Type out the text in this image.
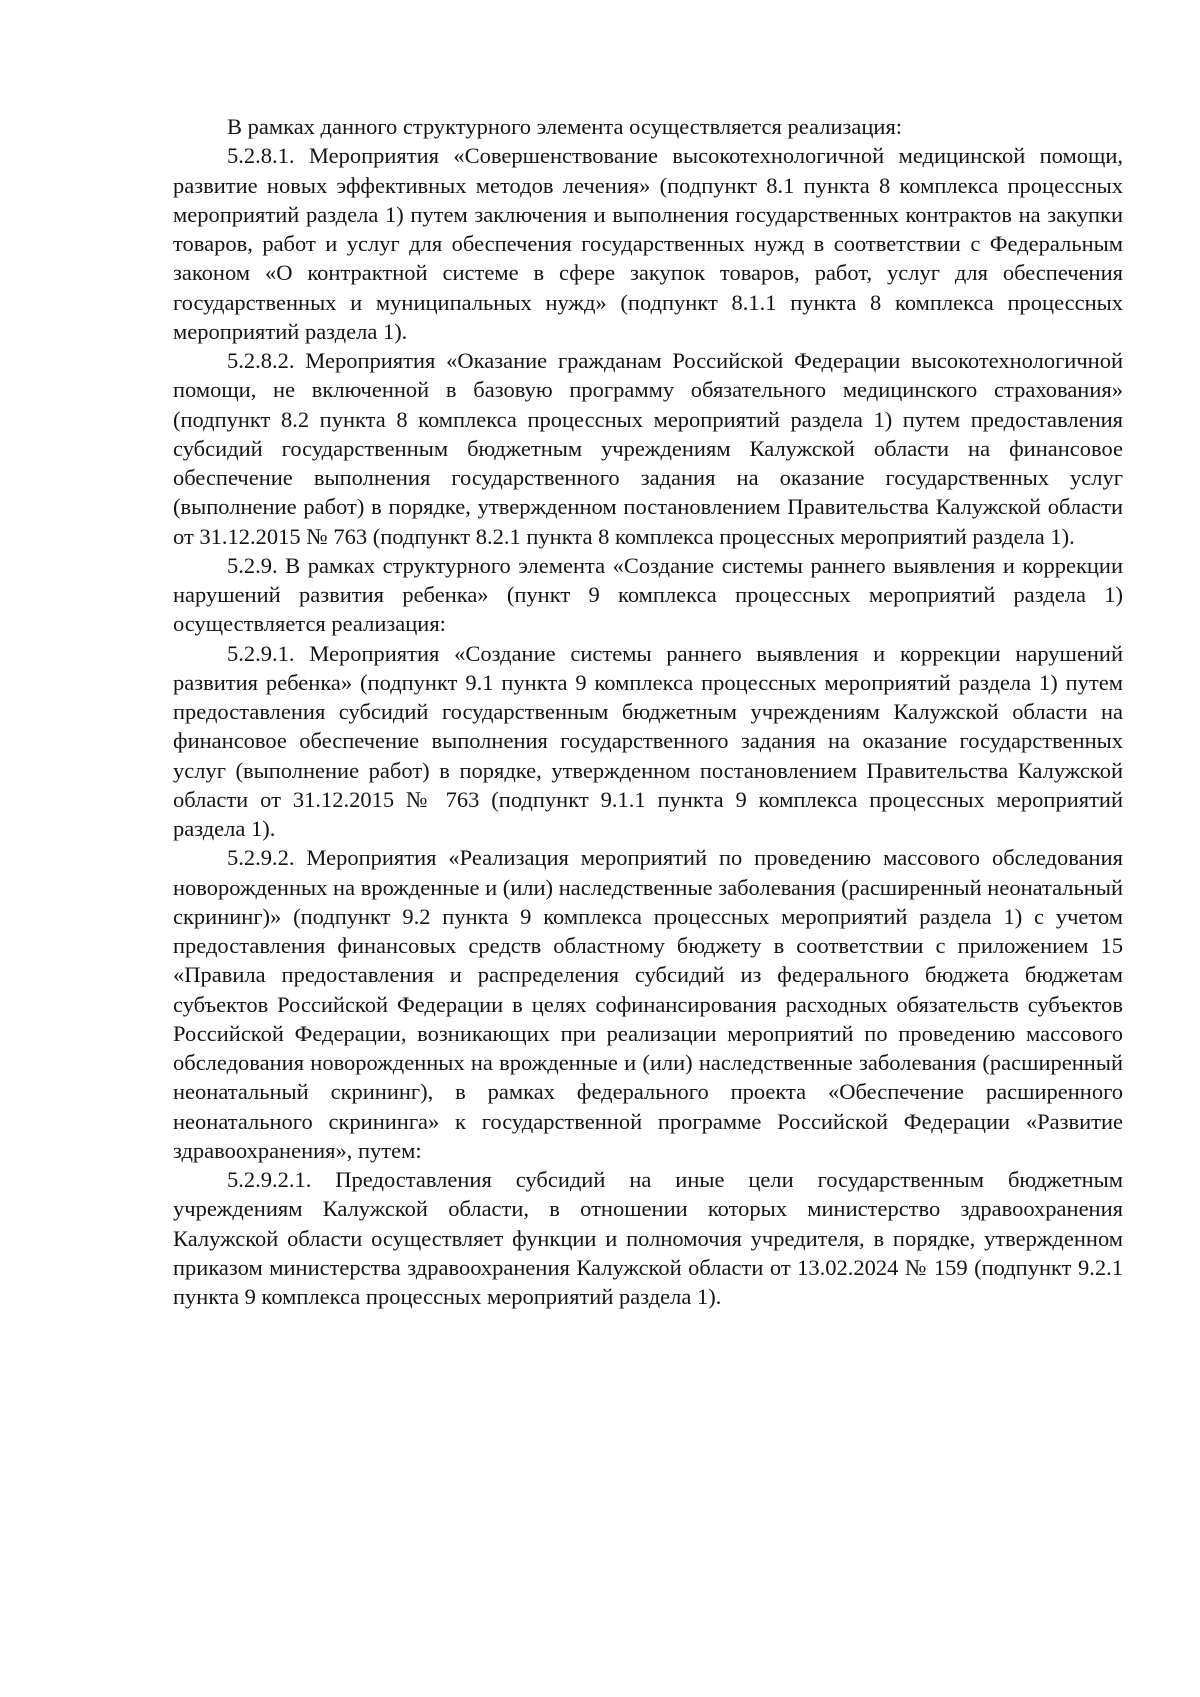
В рамках данного структурного элемента осуществляется реализация:

5.2.8.1. Мероприятия «Совершенствование высокотехнологичной медицинской помощи, развитие новых эффективных методов лечения» (подпункт 8.1 пункта 8 комплекса процессных мероприятий раздела 1) путем заключения и выполнения государственных контрактов на закупки товаров, работ и услуг для обеспечения государственных нужд в соответствии с Федеральным законом «О контрактной системе в сфере закупок товаров, работ, услуг для обеспечения государственных и муниципальных нужд» (подпункт 8.1.1 пункта 8 комплекса процессных мероприятий раздела 1).

5.2.8.2. Мероприятия «Оказание гражданам Российской Федерации высокотехнологичной помощи, не включенной в базовую программу обязательного медицинского страхования» (подпункт 8.2 пункта 8 комплекса процессных мероприятий раздела 1) путем предоставления субсидий государственным бюджетным учреждениям Калужской области на финансовое обеспечение выполнения государственного задания на оказание государственных услуг (выполнение работ) в порядке, утвержденном постановлением Правительства Калужской области от 31.12.2015 № 763 (подпункт 8.2.1 пункта 8 комплекса процессных мероприятий раздела 1).

5.2.9. В рамках структурного элемента «Создание системы раннего выявления и коррекции нарушений развития ребенка» (пункт 9 комплекса процессных мероприятий раздела 1) осуществляется реализация:

5.2.9.1. Мероприятия «Создание системы раннего выявления и коррекции нарушений развития ребенка» (подпункт 9.1 пункта 9 комплекса процессных мероприятий раздела 1) путем предоставления субсидий государственным бюджетным учреждениям Калужской области на финансовое обеспечение выполнения государственного задания на оказание государственных услуг (выполнение работ) в порядке, утвержденном постановлением Правительства Калужской области от 31.12.2015 № 763 (подпункт 9.1.1 пункта 9 комплекса процессных мероприятий раздела 1).

5.2.9.2. Мероприятия «Реализация мероприятий по проведению массового обследования новорожденных на врожденные и (или) наследственные заболевания (расширенный неонатальный скрининг)» (подпункт 9.2 пункта 9 комплекса процессных мероприятий раздела 1) с учетом предоставления финансовых средств областному бюджету в соответствии с приложением 15 «Правила предоставления и распределения субсидий из федерального бюджета бюджетам субъектов Российской Федерации в целях софинансирования расходных обязательств субъектов Российской Федерации, возникающих при реализации мероприятий по проведению массового обследования новорожденных на врожденные и (или) наследственные заболевания (расширенный неонатальный скрининг), в рамках федерального проекта «Обеспечение расширенного неонатального скрининга» к государственной программе Российской Федерации «Развитие здравоохранения», путем:

5.2.9.2.1. Предоставления субсидий на иные цели государственным бюджетным учреждениям Калужской области, в отношении которых министерство здравоохранения Калужской области осуществляет функции и полномочия учредителя, в порядке, утвержденном приказом министерства здравоохранения Калужской области от 13.02.2024 № 159 (подпункт 9.2.1 пункта 9 комплекса процессных мероприятий раздела 1).
